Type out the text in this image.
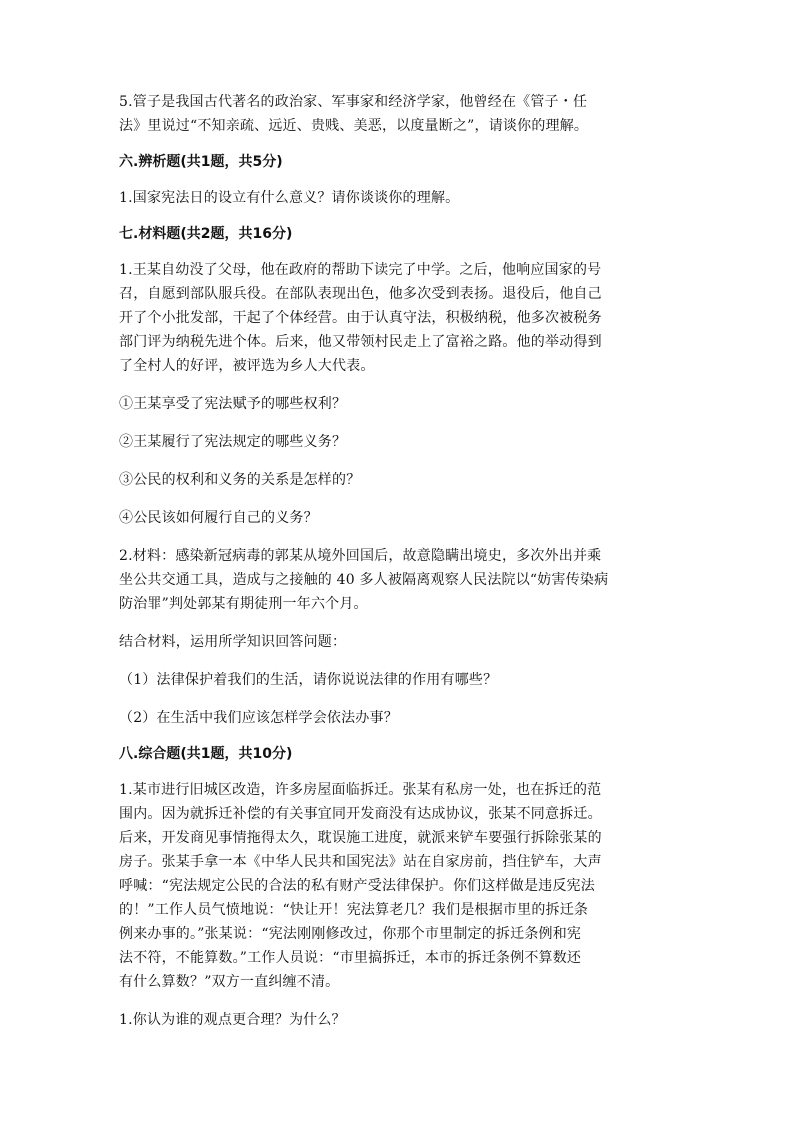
5.管子是我国古代著名的政治家、军事家和经济学家，他曾经在《管子・任

法》里说过“不知亲疏、远近、贵贱、美恶，以度量断之”，请谈你的理解。

六.辨析题(共1题，共5分)

1.国家宪法日的设立有什么意义？请你谈谈你的理解。

七.材料题(共2题，共16分)

1.王某自幼没了父母，他在政府的帮助下读完了中学。之后，他响应国家的号

召，自愿到部队服兵役。在部队表现出色，他多次受到表扬。退役后，他自己

开了个小批发部，干起了个体经营。由于认真守法，积极纳税，他多次被税务

部门评为纳税先进个体。后来，他又带领村民走上了富裕之路。他的举动得到

了全村人的好评，被评选为乡人大代表。

①王某享受了宪法赋予的哪些权利？

②王某履行了宪法规定的哪些义务？

③公民的权利和义务的关系是怎样的？

④公民该如何履行自己的义务？

2.材料：感染新冠病毒的郭某从境外回国后，故意隐瞒出境史，多次外出并乘

坐公共交通工具，造成与之接触的 40 多人被隔离观察人民法院以“妨害传染病

防治罪”判处郭某有期徒刑一年六个月。

结合材料，运用所学知识回答问题：

（1）法律保护着我们的生活，请你说说法律的作用有哪些？

（2）在生活中我们应该怎样学会依法办事？

八.综合题(共1题，共10分)

1.某市进行旧城区改造，许多房屋面临拆迁。张某有私房一处，也在拆迁的范

围内。因为就拆迁补偿的有关事宜同开发商没有达成协议，张某不同意拆迁。

后来，开发商见事情拖得太久，耽误施工进度，就派来铲车要强行拆除张某的

房子。张某手拿一本《中华人民共和国宪法》站在自家房前，挡住铲车，大声

呼喊：“宪法规定公民的合法的私有财产受法律保护。你们这样做是违反宪法

的！”工作人员气愤地说：“快让开！宪法算老几？我们是根据市里的拆迁条

例来办事的。”张某说：“宪法刚刚修改过，你那个市里制定的拆迁条例和宪

法不符，不能算数。”工作人员说：“市里搞拆迁，本市的拆迁条例不算数还

有什么算数？”双方一直纠缠不清。

1.你认为谁的观点更合理？为什么？
